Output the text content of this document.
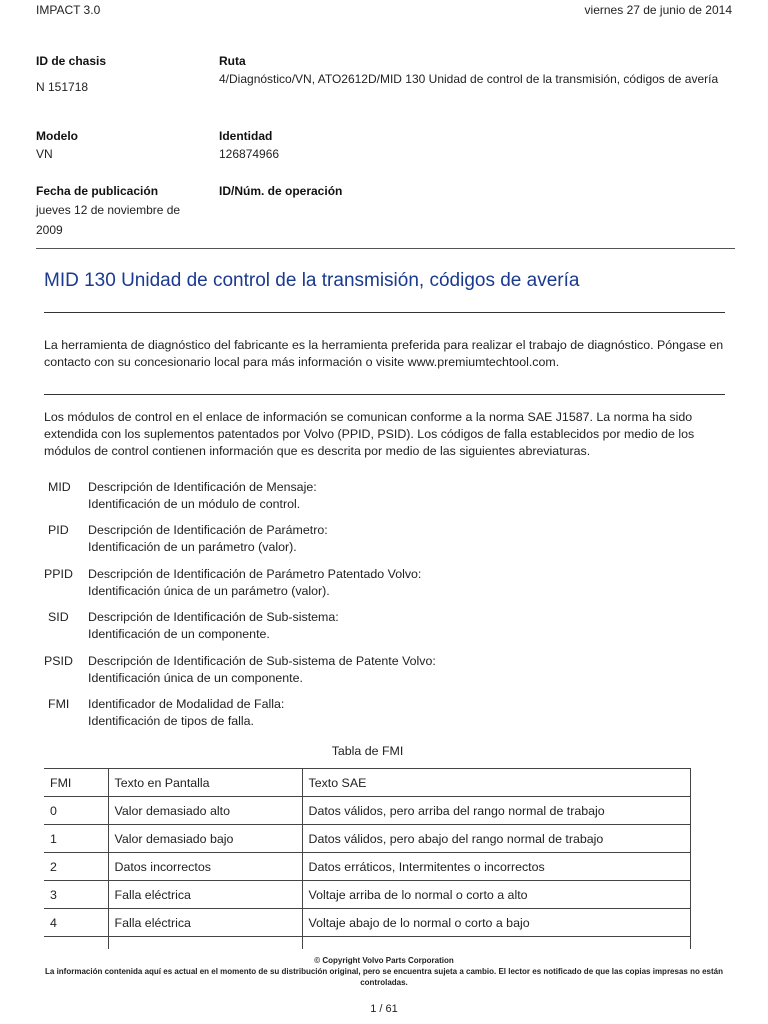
IMPACT 3.0	viernes 27 de junio de 2014
ID de chasis
N 151718
Ruta
4/Diagnóstico/VN, ATO2612D/MID 130 Unidad de control de la transmisión, códigos de avería
Modelo
VN
Identidad
126874966
Fecha de publicación
jueves 12 de noviembre de 2009
ID/Núm. de operación
MID 130 Unidad de control de la transmisión, códigos de avería

La herramienta de diagnóstico del fabricante es la herramienta preferida para realizar el trabajo de diagnóstico. Póngase en contacto con su concesionario local para más información o visite www.premiumtechtool.com.

Los módulos de control en el enlace de información se comunican conforme a la norma SAE J1587. La norma ha sido extendida con los suplementos patentados por Volvo (PPID, PSID). Los códigos de falla establecidos por medio de los módulos de control contienen información que es descrita por medio de las siguientes abreviaturas.

MID Descripción de Identificación de Mensaje:
Identificación de un módulo de control.
PID Descripción de Identificación de Parámetro:
Identificación de un parámetro (valor).
PPID Descripción de Identificación de Parámetro Patentado Volvo:
Identificación única de un parámetro (valor).
SID Descripción de Identificación de Sub-sistema:
Identificación de un componente.
PSID Descripción de Identificación de Sub-sistema de Patente Volvo:
Identificación única de un componente.
FMI Identificador de Modalidad de Falla:
Identificación de tipos de falla.
Tabla de FMI
FMI	Texto en Pantalla	Texto SAE
0	Valor demasiado alto	Datos válidos, pero arriba del rango normal de trabajo
1	Valor demasiado bajo	Datos válidos, pero abajo del rango normal de trabajo
2	Datos incorrectos	Datos erráticos, Intermitentes o incorrectos
3	Falla eléctrica	Voltaje arriba de lo normal o corto a alto
4	Falla eléctrica	Voltaje abajo de lo normal o corto a bajo

© Copyright Volvo Parts Corporation
La información contenida aquí es actual en el momento de su distribución original, pero se encuentra sujeta a cambio. El lector es notificado de que las copias impresas no están controladas.
1 / 61
